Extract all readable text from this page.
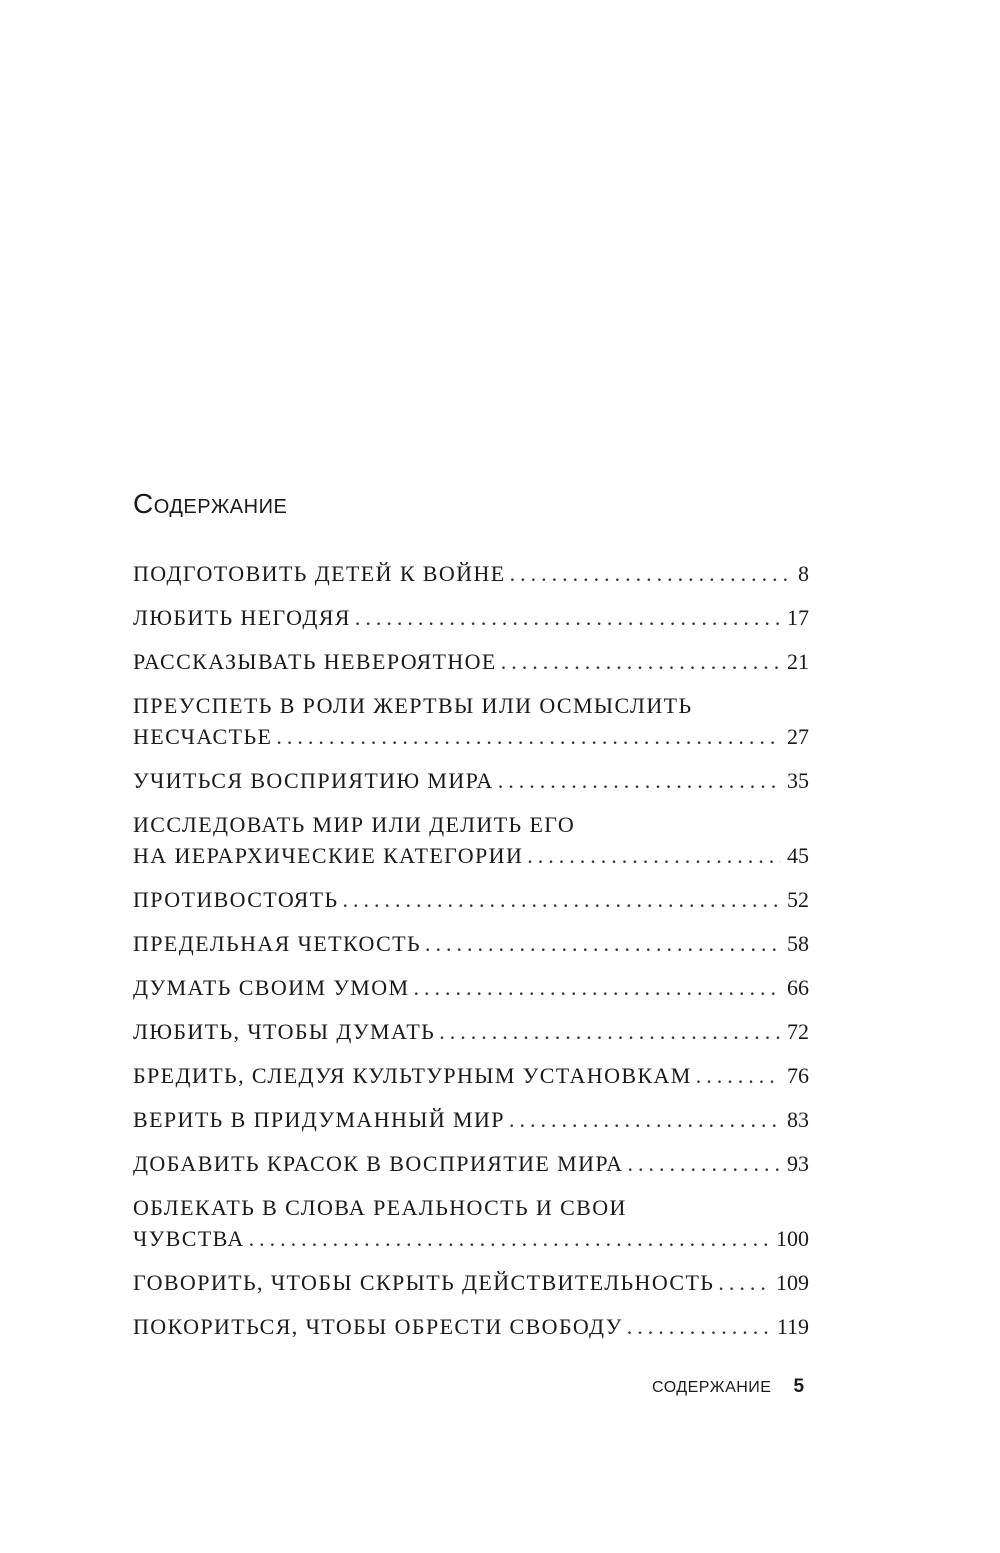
Содержание
ПОДГОТОВИТЬ ДЕТЕЙ К ВОЙНЕ .....	8
ЛЮБИТЬ НЕГОДЯЯ .....	17
РАССКАЗЫВАТЬ НЕВЕРОЯТНОЕ .....	21
ПРЕУСПЕТЬ В РОЛИ ЖЕРТВЫ ИЛИ ОСМЫСЛИТЬ
НЕСЧАСТЬЕ .....	27
УЧИТЬСЯ ВОСПРИЯТИЮ МИРА .....	35
ИССЛЕДОВАТЬ МИР ИЛИ ДЕЛИТЬ ЕГО
НА ИЕРАРХИЧЕСКИЕ КАТЕГОРИИ .....	45
ПРОТИВОСТОЯТЬ .....	52
ПРЕДЕЛЬНАЯ ЧЕТКОСТЬ .....	58
ДУМАТЬ СВОИМ УМОМ .....	66
ЛЮБИТЬ, ЧТОБЫ ДУМАТЬ .....	72
БРЕДИТЬ, СЛЕДУЯ КУЛЬТУРНЫМ УСТАНОВКАМ .....	76
ВЕРИТЬ В ПРИДУМАННЫЙ МИР .....	83
ДОБАВИТЬ КРАСОК В ВОСПРИЯТИЕ МИРА .....	93
ОБЛЕКАТЬ В СЛОВА РЕАЛЬНОСТЬ И СВОИ
ЧУВСТВА .....	100
ГОВОРИТЬ, ЧТОБЫ СКРЫТЬ ДЕЙСТВИТЕЛЬНОСТЬ .....	109
ПОКОРИТЬСЯ, ЧТОБЫ ОБРЕСТИ СВОБОДУ .....	119
СОДЕРЖАНИЕ 5
